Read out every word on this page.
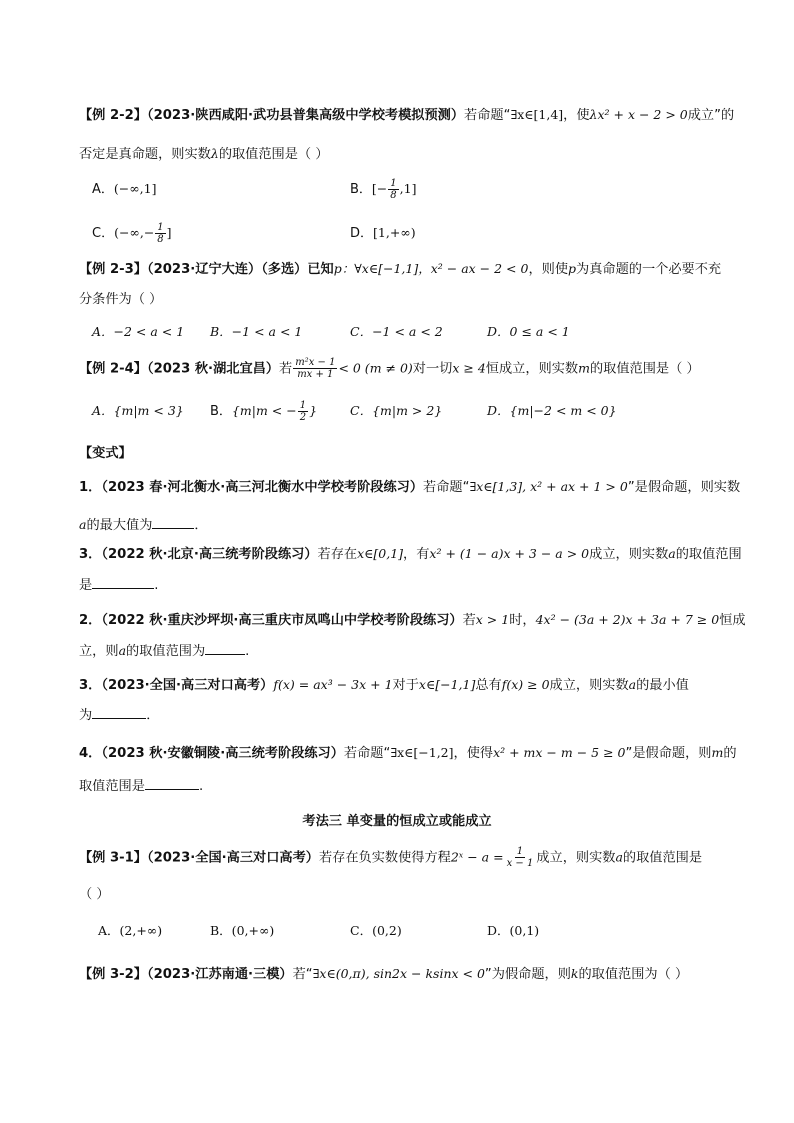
【例 2-2】（2023·陕西咸阳·武功县普集高级中学校考模拟预测）若命题“∃x∈[1,4]，使λx² + x − 2 > 0成立”的
否定是真命题，则实数λ的取值范围是（ ）
A．(−∞,1]	B．[− $\frac{1}{8} ,1$]
C．(−∞,− $\frac{1}{8}$ ]	D．[1,+∞)
【例 2-3】（2023·辽宁大连）（多选）已知p：∀x∈[−1,1]，x² − ax − 2 < 0，则使p为真命题的一个必要不充
分条件为（ ）
A．−2 < a < 1 B．−1 < a < 1	C．−1 < a < 2	D．0 ≤ a < 1
【例 2-4】（2023 秋·湖北宜昌）若 $\frac{\text{m²x − 1}}{mx + 1} < 0$ (m ≠ 0)对一切x ≥ 4恒成立，则实数m的取值范围是（ ）
A．{m|m < 3} B．{m|m < − $\frac{1}{2}$ }	C．{m|m > 2}	D．{m|−2 < m < 0}
【变式】
1．（2023 春·河北衡水·高三河北衡水中学校考阶段练习）若命题“∃x∈[1,3], x² + ax + 1 > 0”是假命题，则实数
a的最大值为	．
3．（2022 秋·北京·高三统考阶段练习）若存在x∈[0,1]，有x² + (1 − a)x + 3 − a > 0成立，则实数a的取值范围
是	.
2．（2022 秋·重庆沙坪坝·高三重庆市凤鸣山中学校考阶段练习）若x > 1时，4x² − (3a + 2)x + 3a + 7 ≥ 0恒成
立，则a的取值范围为	.
3．（2023·全国·高三对口高考）f(x) = ax³ − 3x + 1对于x∈[−1,1]总有f(x) ≥ 0成立，则实数a的最小值
为	．
4．（2023 秋·安徽铜陵·高三统考阶段练习）若命题“∃x∈[−1,2]，使得x² + mx − m − 5 ≥ 0”是假命题，则m的
取值范围是	.
考法三 单变量的恒成立或能成立
【例 3-1】（2023·全国·高三对口高考）若存在负实数使得方程2ˣ − $a = \frac{1}{x - 1}$ 成立，则实数a的取值范围是
（ ）
A．(2,+∞)	B．(0,+∞)	C．(0,2)	D．(0,1)
【例 3-2】（2023·江苏南通·三模）若“∃x∈(0,π), sin2x − ksinx < 0”为假命题，则k的取值范围为（ ）
